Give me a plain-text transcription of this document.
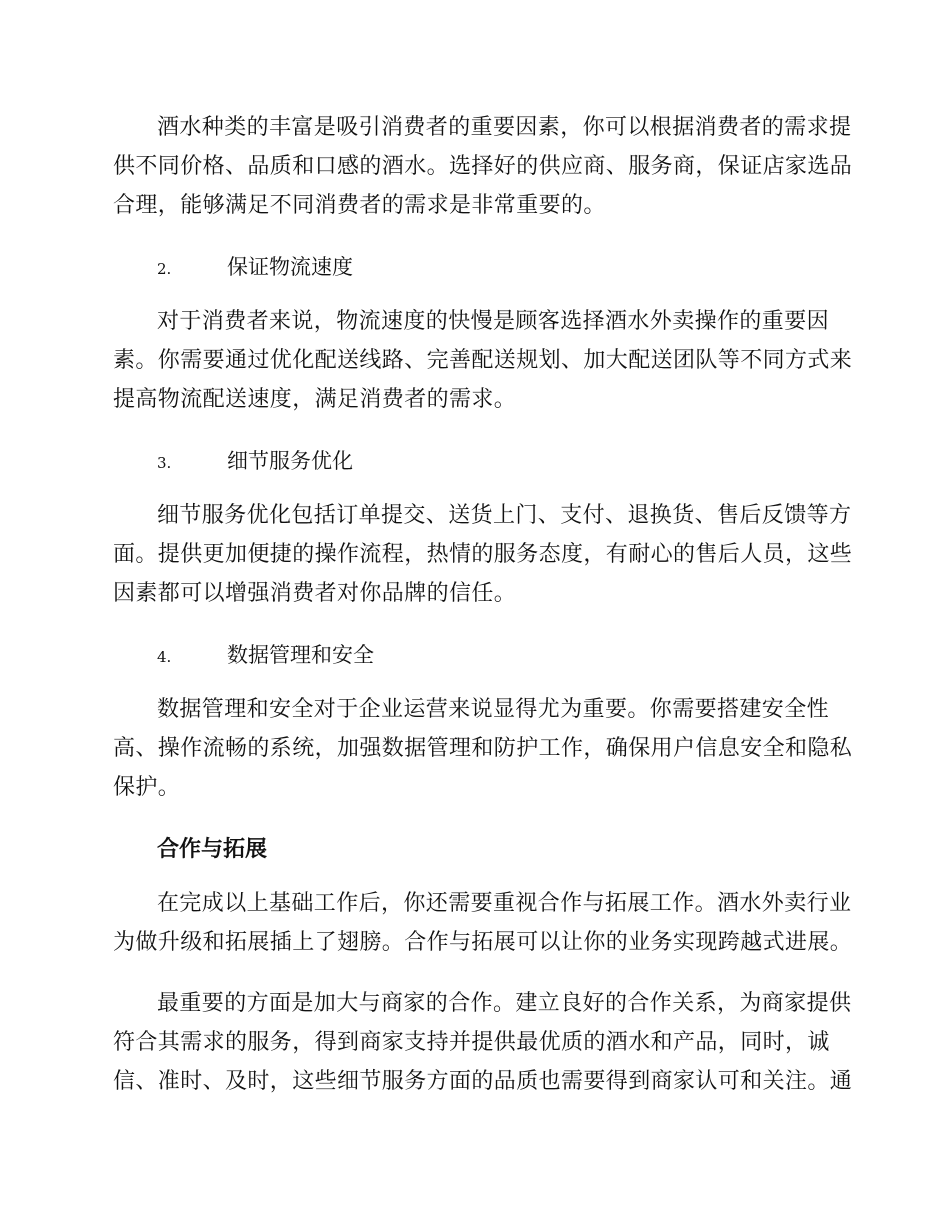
酒水种类的丰富是吸引消费者的重要因素，你可以根据消费者的需求提
供不同价格、品质和口感的酒水。选择好的供应商、服务商，保证店家选品
合理，能够满足不同消费者的需求是非常重要的。
2.	保证物流速度
对于消费者来说，物流速度的快慢是顾客选择酒水外卖操作的重要因
素。你需要通过优化配送线路、完善配送规划、加大配送团队等不同方式来
提高物流配送速度，满足消费者的需求。
3.	细节服务优化
细节服务优化包括订单提交、送货上门、支付、退换货、售后反馈等方
面。提供更加便捷的操作流程，热情的服务态度，有耐心的售后人员，这些
因素都可以增强消费者对你品牌的信任。
4.	数据管理和安全
数据管理和安全对于企业运营来说显得尤为重要。你需要搭建安全性
高、操作流畅的系统，加强数据管理和防护工作，确保用户信息安全和隐私
保护。
合作与拓展
在完成以上基础工作后，你还需要重视合作与拓展工作。酒水外卖行业
为做升级和拓展插上了翅膀。合作与拓展可以让你的业务实现跨越式进展。
最重要的方面是加大与商家的合作。建立良好的合作关系，为商家提供
符合其需求的服务，得到商家支持并提供最优质的酒水和产品，同时，诚
信、准时、及时，这些细节服务方面的品质也需要得到商家认可和关注。通
